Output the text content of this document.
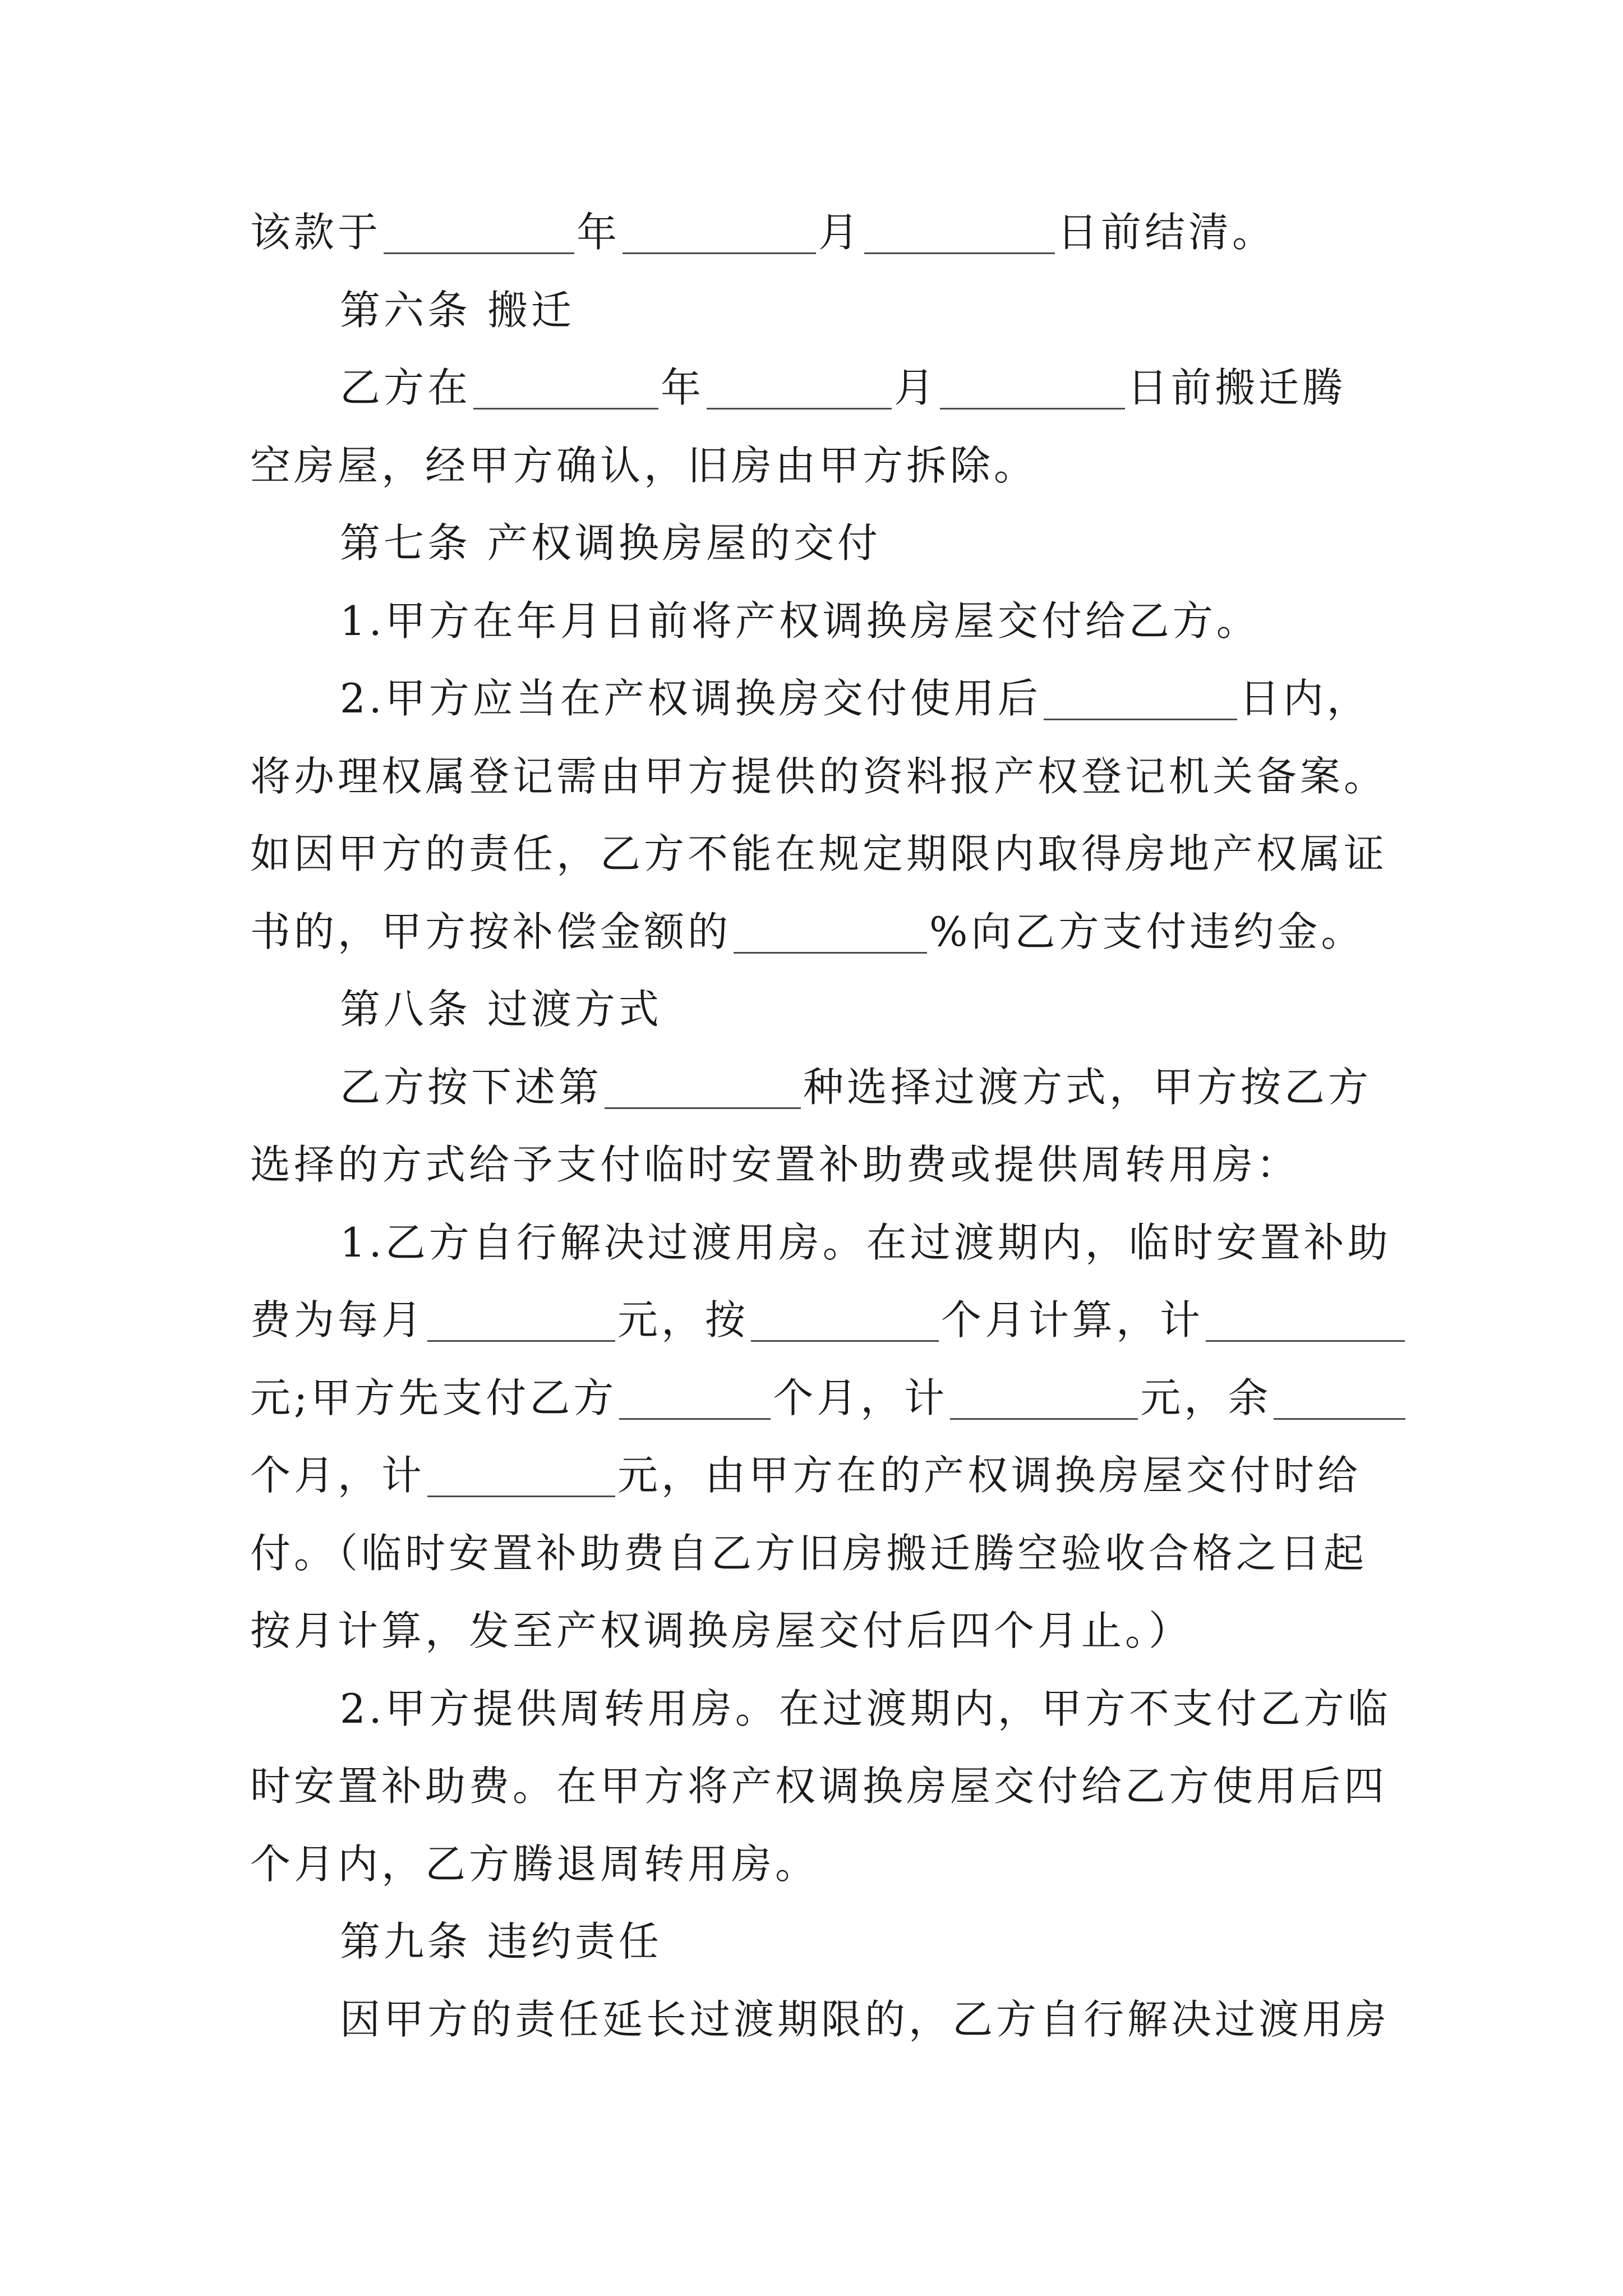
该款于	年	月	日前结清。
第六条 搬迁
乙方在	年	月	日前搬迁腾
空房屋，经甲方确认，旧房由甲方拆除。
第七条 产权调换房屋的交付
1.甲方在年月日前将产权调换房屋交付给乙方。
2.甲方应当在产权调换房交付使用后	日内，
将办理权属登记需由甲方提供的资料报产权登记机关备案。
如因甲方的责任，乙方不能在规定期限内取得房地产权属证
书的，甲方按补偿金额的	%向乙方支付违约金。
第八条 过渡方式
乙方按下述第	种选择过渡方式，甲方按乙方
选择的方式给予支付临时安置补助费或提供周转用房：
1.乙方自行解决过渡用房。在过渡期内，临时安置补助
费为每月	元，按	个月计算，计
元;甲方先支付乙方	个月，计	元，余
个月，计	元，由甲方在的产权调换房屋交付时给
付。（临时安置补助费自乙方旧房搬迁腾空验收合格之日起
按月计算，发至产权调换房屋交付后四个月止。）
2.甲方提供周转用房。在过渡期内，甲方不支付乙方临
时安置补助费。在甲方将产权调换房屋交付给乙方使用后四
个月内，乙方腾退周转用房。
第九条 违约责任
因甲方的责任延长过渡期限的，乙方自行解决过渡用房
